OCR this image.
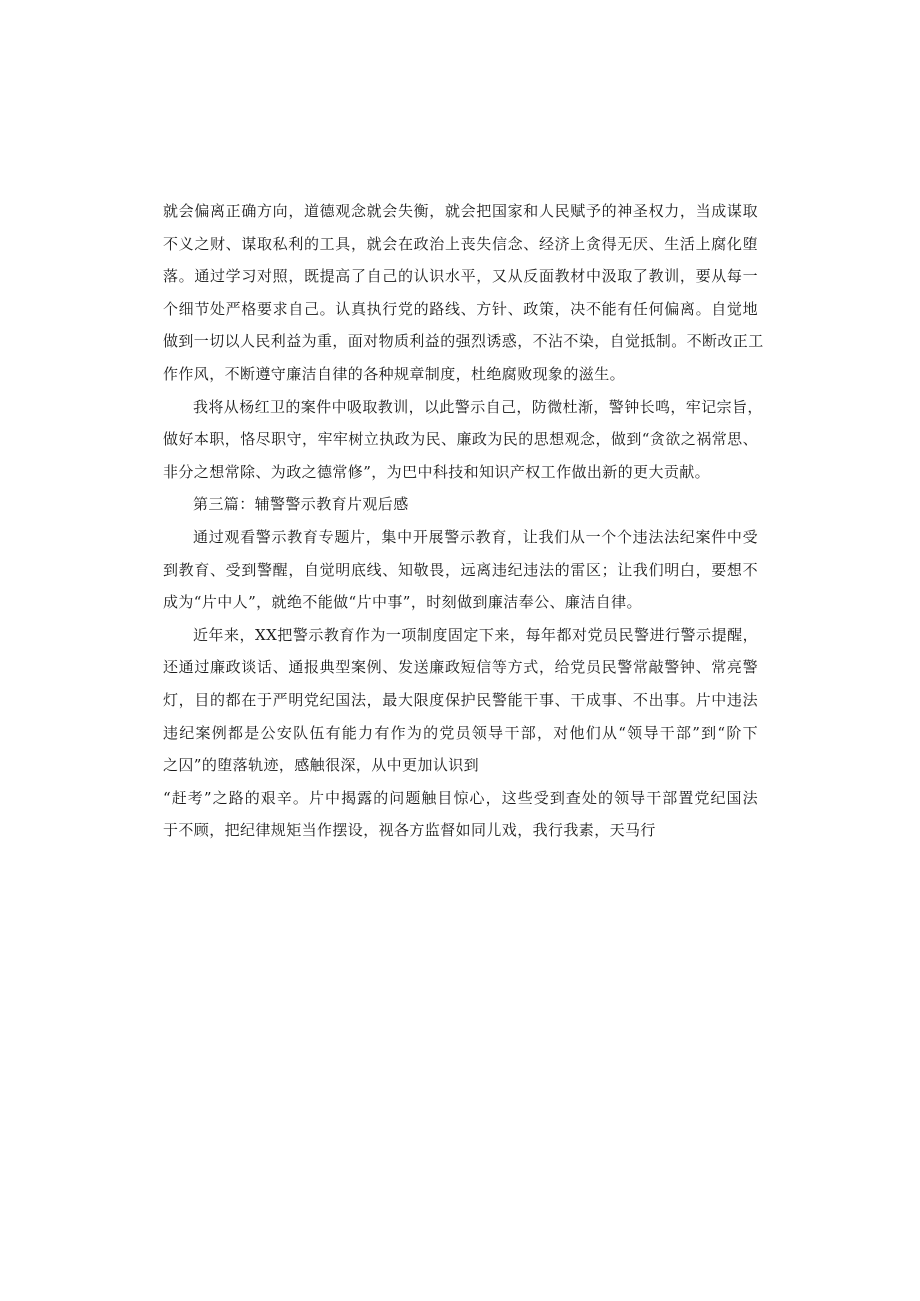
就会偏离正确方向，道德观念就会失衡，就会把国家和人民赋予的神圣权力，当成谋取
不义之财、谋取私利的工具，就会在政治上丧失信念、经济上贪得无厌、生活上腐化堕
落。通过学习对照，既提高了自己的认识水平，又从反面教材中汲取了教训，要从每一
个细节处严格要求自己。认真执行党的路线、方针、政策，决不能有任何偏离。自觉地
做到一切以人民利益为重，面对物质利益的强烈诱惑，不沾不染，自觉抵制。不断改正工
作作风，不断遵守廉洁自律的各种规章制度，杜绝腐败现象的滋生。
我将从杨红卫的案件中吸取教训，以此警示自己，防微杜渐，警钟长鸣，牢记宗旨，
做好本职，恪尽职守，牢牢树立执政为民、廉政为民的思想观念，做到“贪欲之祸常思、
非分之想常除、为政之德常修”，为巴中科技和知识产权工作做出新的更大贡献。
第三篇：辅警警示教育片观后感
通过观看警示教育专题片，集中开展警示教育，让我们从一个个违法法纪案件中受
到教育、受到警醒，自觉明底线、知敬畏，远离违纪违法的雷区；让我们明白，要想不
成为“片中人”，就绝不能做“片中事”，时刻做到廉洁奉公、廉洁自律。
近年来，XX把警示教育作为一项制度固定下来，每年都对党员民警进行警示提醒，
还通过廉政谈话、通报典型案例、发送廉政短信等方式，给党员民警常敲警钟、常亮警
灯，目的都在于严明党纪国法，最大限度保护民警能干事、干成事、不出事。片中违法
违纪案例都是公安队伍有能力有作为的党员领导干部，对他们从“领导干部”到“阶下
之囚”的堕落轨迹，感触很深，从中更加认识到
“赶考”之路的艰辛。片中揭露的问题触目惊心，这些受到查处的领导干部置党纪国法
于不顾，把纪律规矩当作摆设，视各方监督如同儿戏，我行我素，天马行
